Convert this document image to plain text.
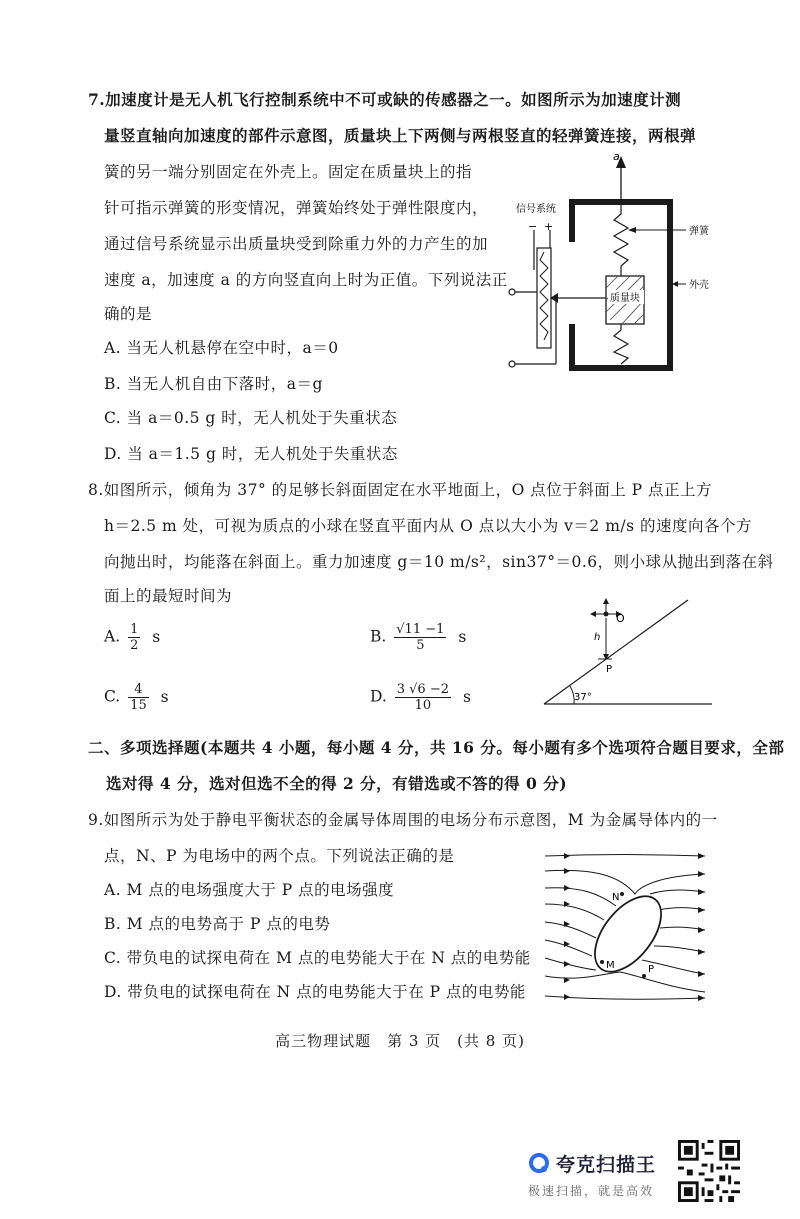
7.加速度计是无人机飞行控制系统中不可或缺的传感器之一。如图所示为加速度计测
量竖直轴向加速度的部件示意图，质量块上下两侧与两根竖直的轻弹簧连接，两根弹
簧的另一端分别固定在外壳上。固定在质量块上的指
针可指示弹簧的形变情况，弹簧始终处于弹性限度内，
通过信号系统显示出质量块受到除重力外的力产生的加
速度 a，加速度 a 的方向竖直向上时为正值。下列说法正
确的是
A. 当无人机悬停在空中时，a＝0
B. 当无人机自由下落时，a＝g
C. 当 a＝0.5 g 时，无人机处于失重状态
D. 当 a＝1.5 g 时，无人机处于失重状态
a
质量块
信号系统
− +	弹簧
外壳
8.如图所示，倾角为 37° 的足够长斜面固定在水平地面上，O 点位于斜面上 P 点正上方
h＝2.5 m 处，可视为质点的小球在竖直平面内从 O 点以大小为 v＝2 m/s 的速度向各个方
向抛出时，均能落在斜面上。重力加速度 g＝10 m/s²，sin37°＝0.6，则小球从抛出到落在斜
面上的最短时间为
A. $\frac{1}{2}$ s	B. $\frac{√11 -1}{5}$ s
C. $\frac{4}{15}$ s	D. $\frac{3 √6 -2}{10}$ s	37°
O
h
P
二、多项选择题(本题共 4 小题，每小题 4 分，共 16 分。每小题有多个选项符合题目要求，全部
选对得 4 分，选对但选不全的得 2 分，有错选或不答的得 0 分)
9.如图所示为处于静电平衡状态的金属导体周围的电场分布示意图，M 为金属导体内的一
点，N、P 为电场中的两个点。下列说法正确的是
A. M 点的电场强度大于 P 点的电场强度
B. M 点的电势高于 P 点的电势
C. 带负电的试探电荷在 M 点的电势能大于在 N 点的电势能
D. 带负电的试探电荷在 N 点的电势能大于在 P 点的电势能
N
M	P
高三物理试题　第 3 页　(共 8 页)
夸克扫描王
极速扫描，就是高效
